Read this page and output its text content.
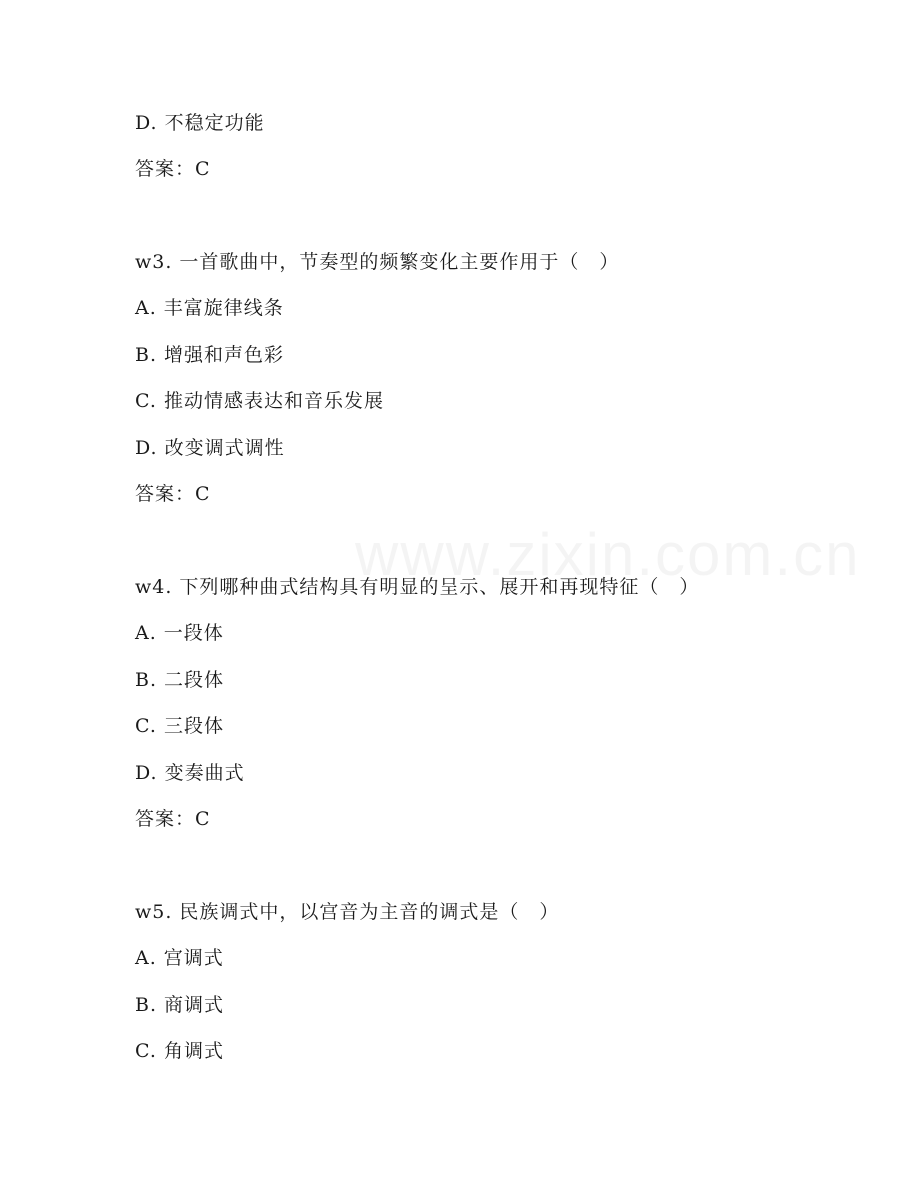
D. 不稳定功能
答案：C
w3. 一首歌曲中，节奏型的频繁变化主要作用于（　）
A. 丰富旋律线条
B. 增强和声色彩
C. 推动情感表达和音乐发展
D. 改变调式调性
答案：C
w4. 下列哪种曲式结构具有明显的呈示、展开和再现特征（　）
A. 一段体
B. 二段体
C. 三段体
D. 变奏曲式
答案：C
w5. 民族调式中，以宫音为主音的调式是（　）
A. 宫调式
B. 商调式
C. 角调式
